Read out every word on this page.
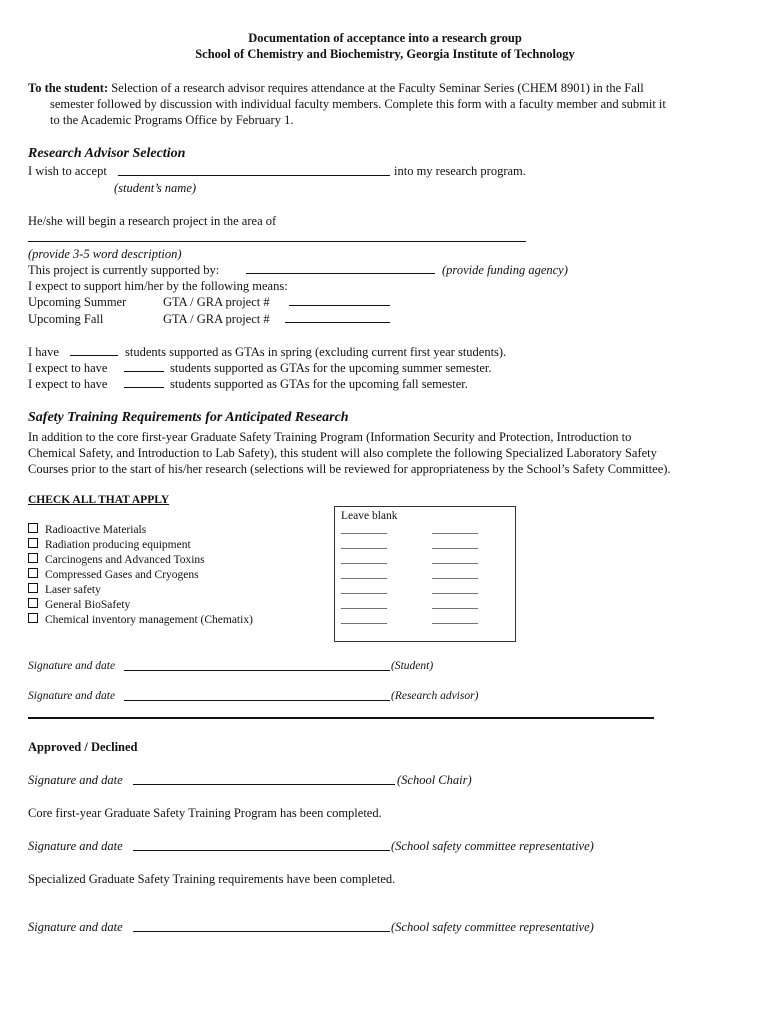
Documentation of acceptance into a research group
School of Chemistry and Biochemistry, Georgia Institute of Technology
To the student: Selection of a research advisor requires attendance at the Faculty Seminar Series (CHEM 8901) in the Fall
semester followed by discussion with individual faculty members. Complete this form with a faculty member and submit it
to the Academic Programs Office by February 1.
Research Advisor Selection
I wish to accept	into my research program.
(student’s name)
He/she will begin a research project in the area of
(provide 3-5 word description)
This project is currently supported by:	(provide funding agency)
I expect to support him/her by the following means:
Upcoming Summer	GTA / GRA project #
Upcoming Fall	GTA / GRA project #
I have	students supported as GTAs in spring (excluding current first year students).
I expect to have	students supported as GTAs for the upcoming summer semester.
I expect to have	students supported as GTAs for the upcoming fall semester.
Safety Training Requirements for Anticipated Research
In addition to the core first-year Graduate Safety Training Program (Information Security and Protection, Introduction to
Chemical Safety, and Introduction to Lab Safety), this student will also complete the following Specialized Laboratory Safety
Courses prior to the start of his/her research (selections will be reviewed for appropriateness by the School’s Safety Committee).
CHECK ALL THAT APPLY
Radioactive Materials
Radiation producing equipment
Carcinogens and Advanced Toxins
Compressed Gases and Cryogens
Laser safety
General BioSafety
Chemical inventory management (Chematix)
Leave blank
________	________
________	________
________	________
________	________
________	________
________	________
________	________
Signature and date	(Student)
Signature and date	(Research advisor)
Approved / Declined
Signature and date	(School Chair)
Core first-year Graduate Safety Training Program has been completed.
Signature and date	(School safety committee representative)
Specialized Graduate Safety Training requirements have been completed.
Signature and date	(School safety committee representative)
